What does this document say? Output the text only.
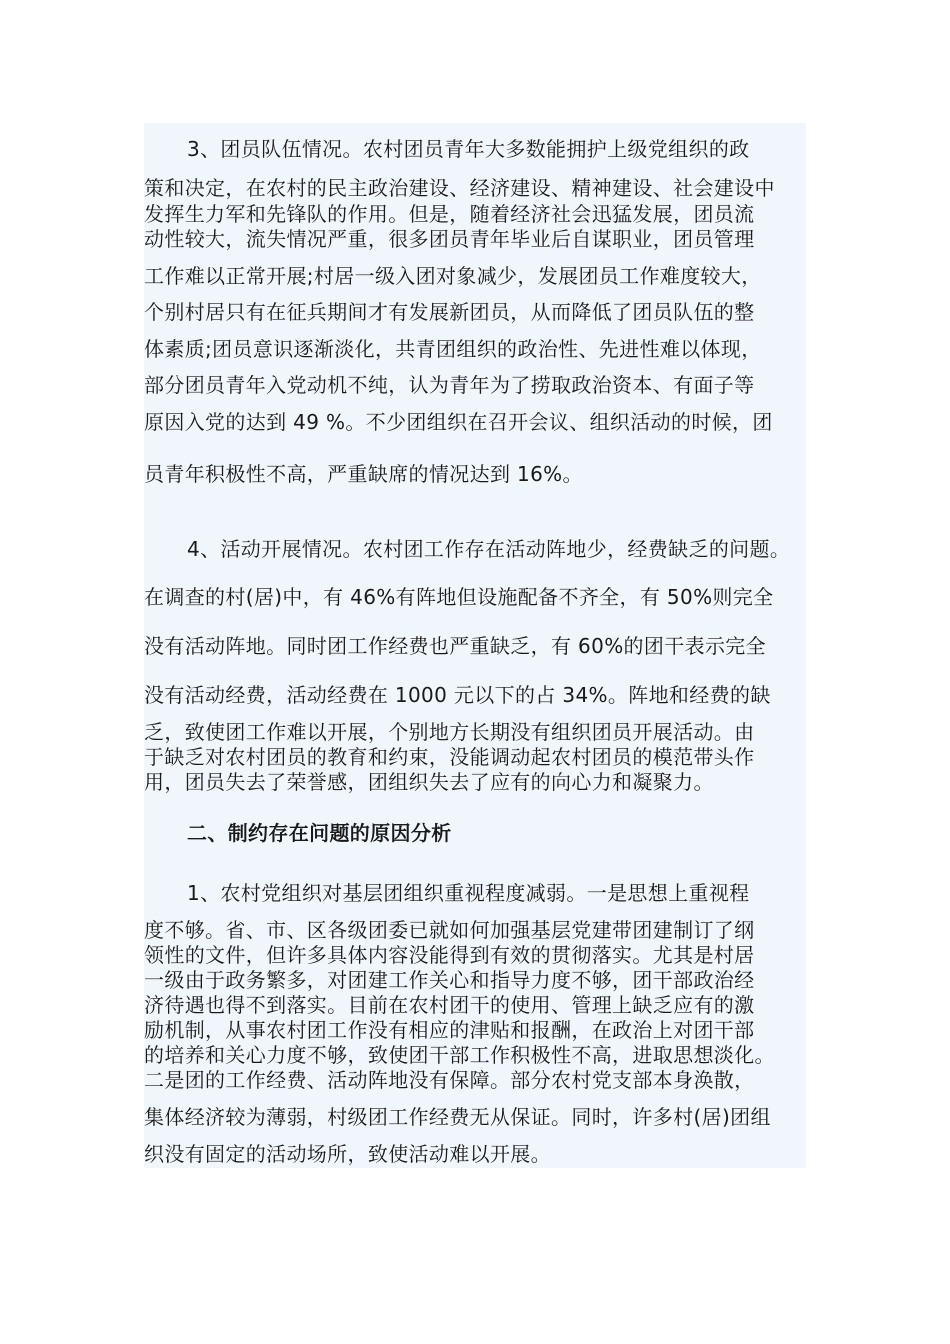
3、团员队伍情况。农村团员青年大多数能拥护上级党组织的政
策和决定，在农村的民主政治建设、经济建设、精神建设、社会建设中
发挥生力军和先锋队的作用。但是，随着经济社会迅猛发展，团员流
动性较大，流失情况严重，很多团员青年毕业后自谋职业，团员管理
工作难以正常开展;村居一级入团对象减少，发展团员工作难度较大，
个别村居只有在征兵期间才有发展新团员，从而降低了团员队伍的整
体素质;团员意识逐渐淡化，共青团组织的政治性、先进性难以体现，
部分团员青年入党动机不纯，认为青年为了捞取政治资本、有面子等
原因入党的达到 49 %。不少团组织在召开会议、组织活动的时候，团
员青年积极性不高，严重缺席的情况达到 16%。
4、活动开展情况。农村团工作存在活动阵地少，经费缺乏的问题。
在调查的村(居)中，有 46%有阵地但设施配备不齐全，有 50%则完全
没有活动阵地。同时团工作经费也严重缺乏，有 60%的团干表示完全
没有活动经费，活动经费在 1000 元以下的占 34%。阵地和经费的缺
乏，致使团工作难以开展，个别地方长期没有组织团员开展活动。由
于缺乏对农村团员的教育和约束，没能调动起农村团员的模范带头作
用，团员失去了荣誉感，团组织失去了应有的向心力和凝聚力。
二、制约存在问题的原因分析
1、农村党组织对基层团组织重视程度减弱。一是思想上重视程
度不够。省、市、区各级团委已就如何加强基层党建带团建制订了纲
领性的文件，但许多具体内容没能得到有效的贯彻落实。尤其是村居
一级由于政务繁多，对团建工作关心和指导力度不够，团干部政治经
济待遇也得不到落实。目前在农村团干的使用、管理上缺乏应有的激
励机制，从事农村团工作没有相应的津贴和报酬，在政治上对团干部
的培养和关心力度不够，致使团干部工作积极性不高，进取思想淡化。
二是团的工作经费、活动阵地没有保障。部分农村党支部本身涣散，
集体经济较为薄弱，村级团工作经费无从保证。同时，许多村(居)团组
织没有固定的活动场所，致使活动难以开展。
